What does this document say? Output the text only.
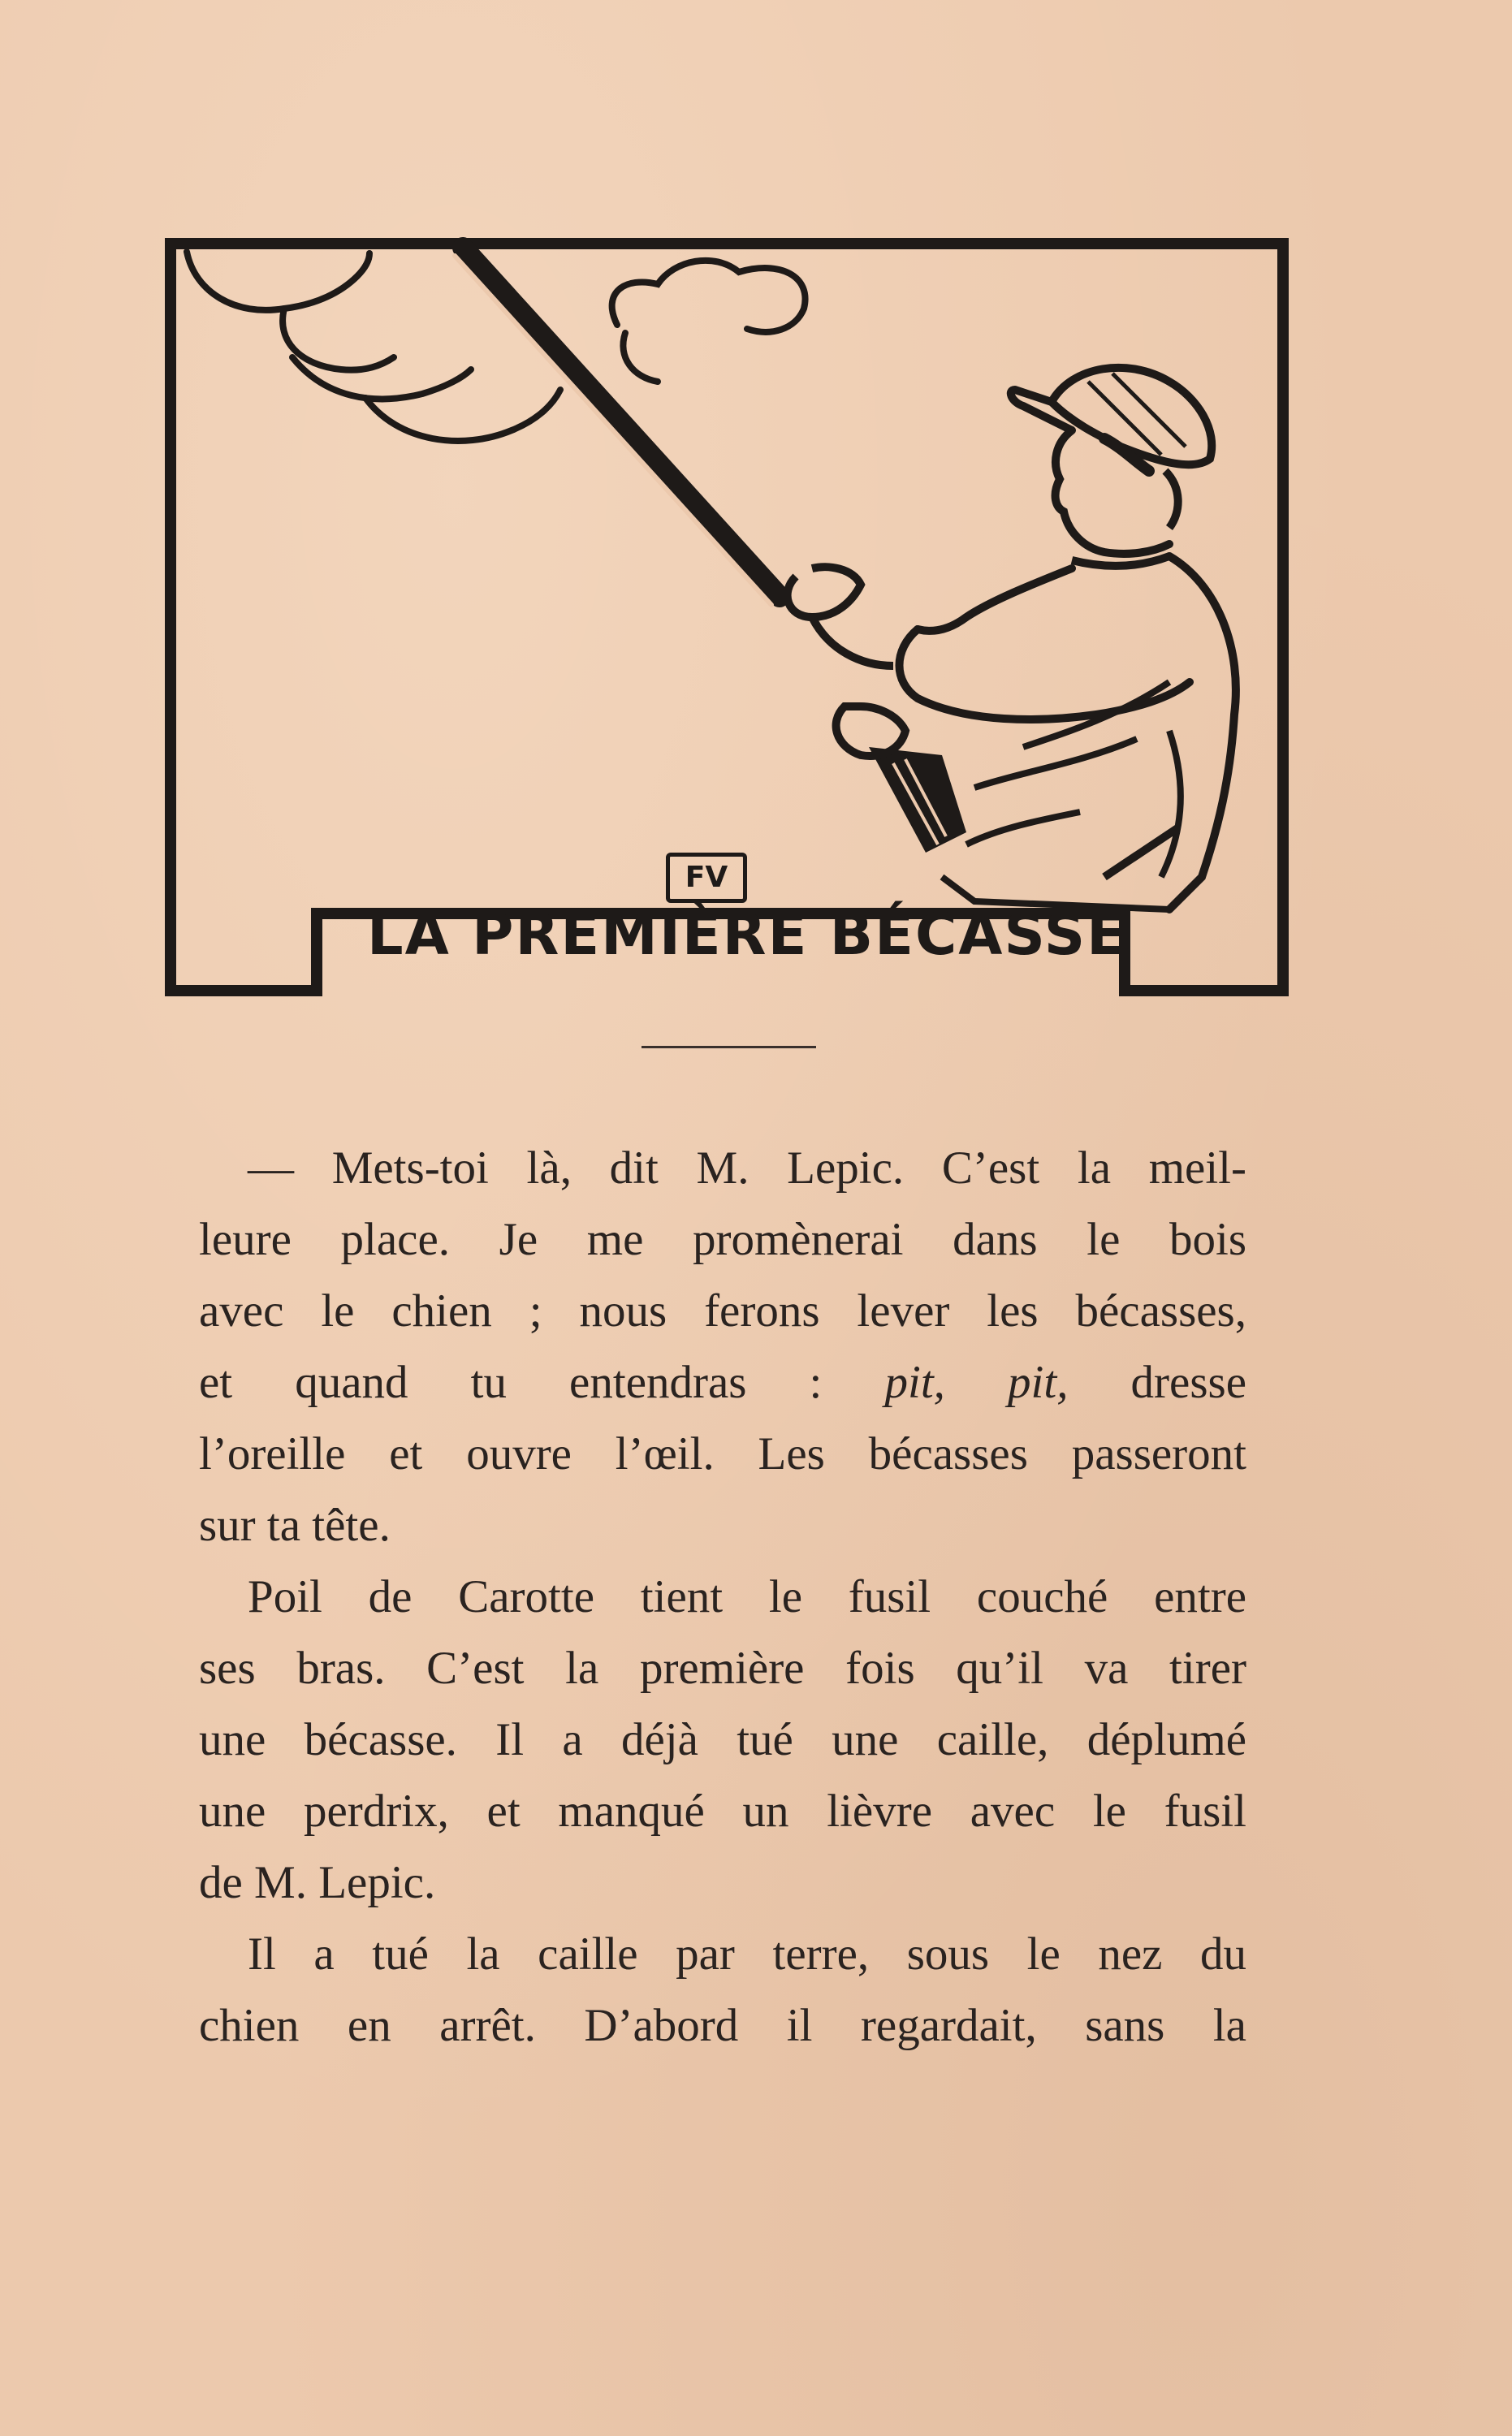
FV
LA PREMIÈRE BÉCASSE

— Mets-toi là, dit M. Lepic. C’est la meil-
leure place. Je me promènerai dans le bois
avec le chien ; nous ferons lever les bécasses,
et quand tu entendras : pit, pit, dresse
l’oreille et ouvre l’œil. Les bécasses passeront
sur ta tête.

Poil de Carotte tient le fusil couché entre
ses bras. C’est la première fois qu’il va tirer
une bécasse. Il a déjà tué une caille, déplumé
une perdrix, et manqué un lièvre avec le fusil
de M. Lepic.

Il a tué la caille par terre, sous le nez du
chien en arrêt. D’abord il regardait, sans la
